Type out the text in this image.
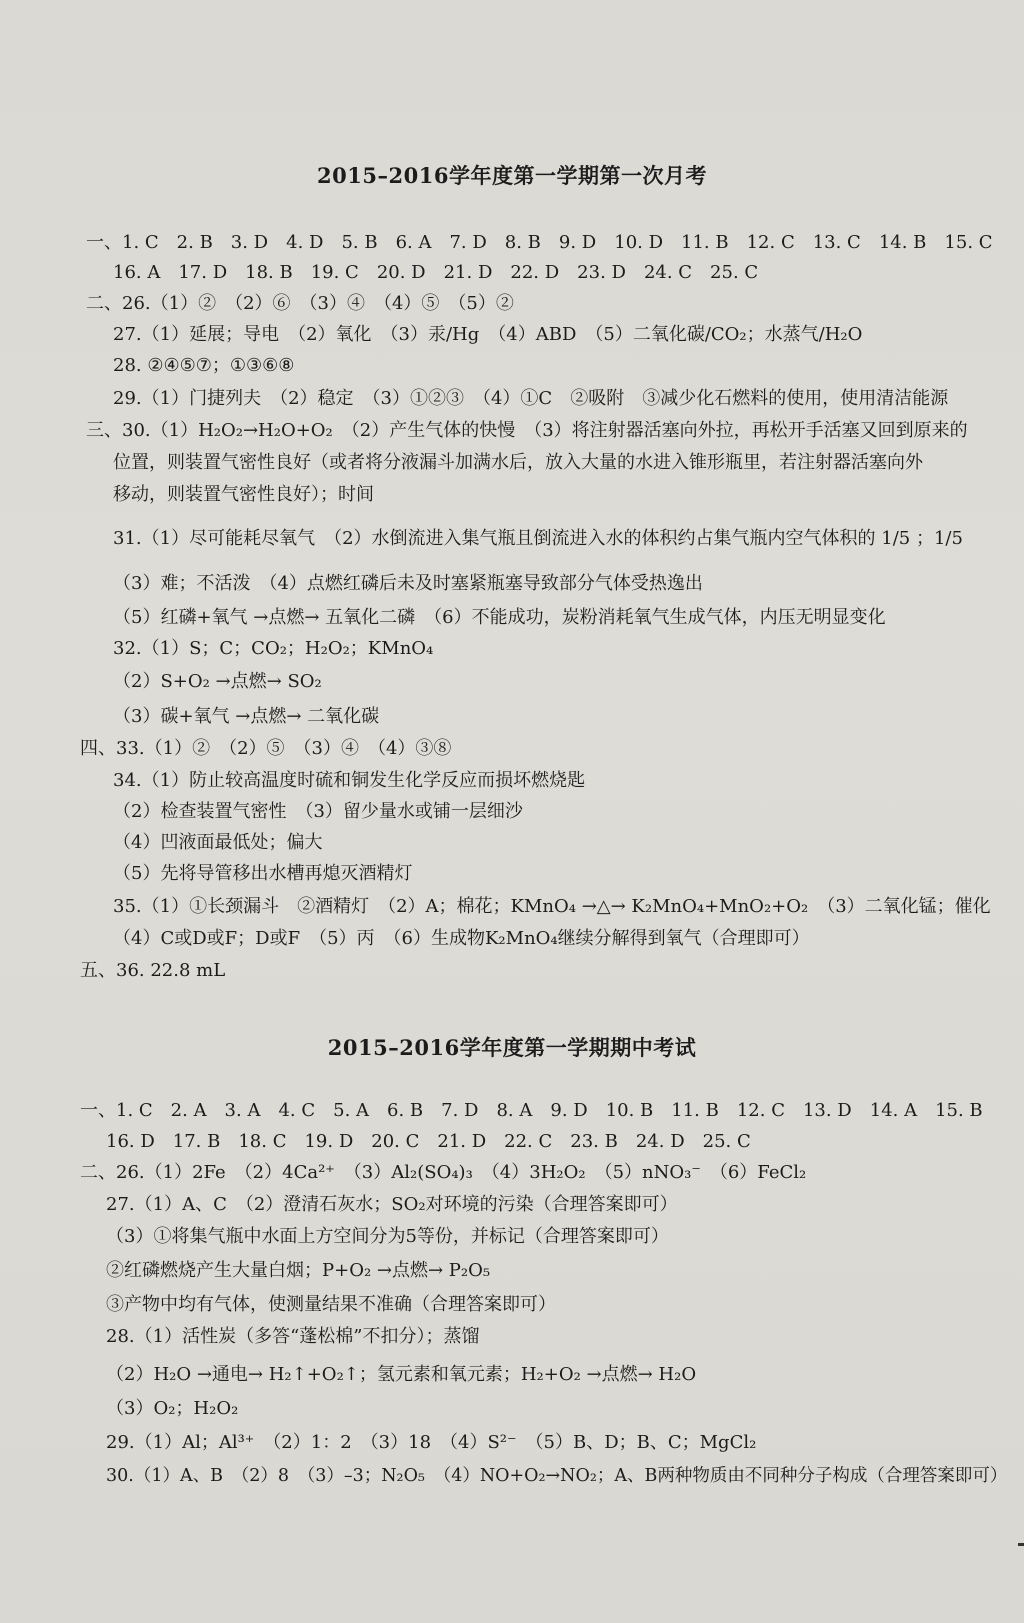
2015–2016学年度第一学期第一次月考
一、1. C　2. B　3. D　4. D　5. B　6. A　7. D　8. B　9. D　10. D　11. B　12. C　13. C　14. B　15. C
16. A　17. D　18. B　19. C　20. D　21. D　22. D　23. D　24. C　25. C
二、26.（1）②　（2）⑥　（3）④　（4）⑤　（5）②
27.（1）延展；导电　（2）氧化　（3）汞/Hg　（4）ABD　（5）二氧化碳/CO₂；水蒸气/H₂O
28. ②④⑤⑦；①③⑥⑧
29.（1）门捷列夫　（2）稳定　（3）①②③　（4）①C　②吸附　③减少化石燃料的使用，使用清洁能源
三、30.（1）H₂O₂→H₂O+O₂　（2）产生气体的快慢　（3）将注射器活塞向外拉，再松开手活塞又回到原来的
位置，则装置气密性良好（或者将分液漏斗加满水后，放入大量的水进入锥形瓶里，若注射器活塞向外
移动，则装置气密性良好）；时间
31.（1）尽可能耗尽氧气　（2）水倒流进入集气瓶且倒流进入水的体积约占集气瓶内空气体积的 1/5 ；1/5
（3）难；不活泼　（4）点燃红磷后未及时塞紧瓶塞导致部分气体受热逸出
（5）红磷+氧气 →点燃→ 五氧化二磷　（6）不能成功，炭粉消耗氧气生成气体，内压无明显变化
32.（1）S；C；CO₂；H₂O₂；KMnO₄
（2）S+O₂ →点燃→ SO₂
（3）碳+氧气 →点燃→ 二氧化碳
四、33.（1）②　（2）⑤　（3）④　（4）③⑧
34.（1）防止较高温度时硫和铜发生化学反应而损坏燃烧匙
（2）检查装置气密性　（3）留少量水或铺一层细沙
（4）凹液面最低处；偏大
（5）先将导管移出水槽再熄灭酒精灯
35.（1）①长颈漏斗　②酒精灯　（2）A；棉花；KMnO₄ →△→ K₂MnO₄+MnO₂+O₂　（3）二氧化锰；催化
（4）C或D或F；D或F　（5）丙　（6）生成物K₂MnO₄继续分解得到氧气（合理即可）
五、36. 22.8 mL
2015–2016学年度第一学期期中考试
一、1. C　2. A　3. A　4. C　5. A　6. B　7. D　8. A　9. D　10. B　11. B　12. C　13. D　14. A　15. B
16. D　17. B　18. C　19. D　20. C　21. D　22. C　23. B　24. D　25. C
二、26.（1）2Fe　（2）4Ca²⁺　（3）Al₂(SO₄)₃　（4）3H₂O₂　（5）nNO₃⁻　（6）FeCl₂
27.（1）A、C　（2）澄清石灰水；SO₂对环境的污染（合理答案即可）
（3）①将集气瓶中水面上方空间分为5等份，并标记（合理答案即可）
②红磷燃烧产生大量白烟；P+O₂ →点燃→ P₂O₅
③产物中均有气体，使测量结果不准确（合理答案即可）
28.（1）活性炭（多答“蓬松棉”不扣分）；蒸馏
（2）H₂O →通电→ H₂↑+O₂↑；氢元素和氧元素；H₂+O₂ →点燃→ H₂O
（3）O₂；H₂O₂
29.（1）Al；Al³⁺　（2）1：2　（3）18　（4）S²⁻　（5）B、D；B、C；MgCl₂
30.（1）A、B　（2）8　（3）–3；N₂O₅　（4）NO+O₂→NO₂；A、B两种物质由不同种分子构成（合理答案即可）
